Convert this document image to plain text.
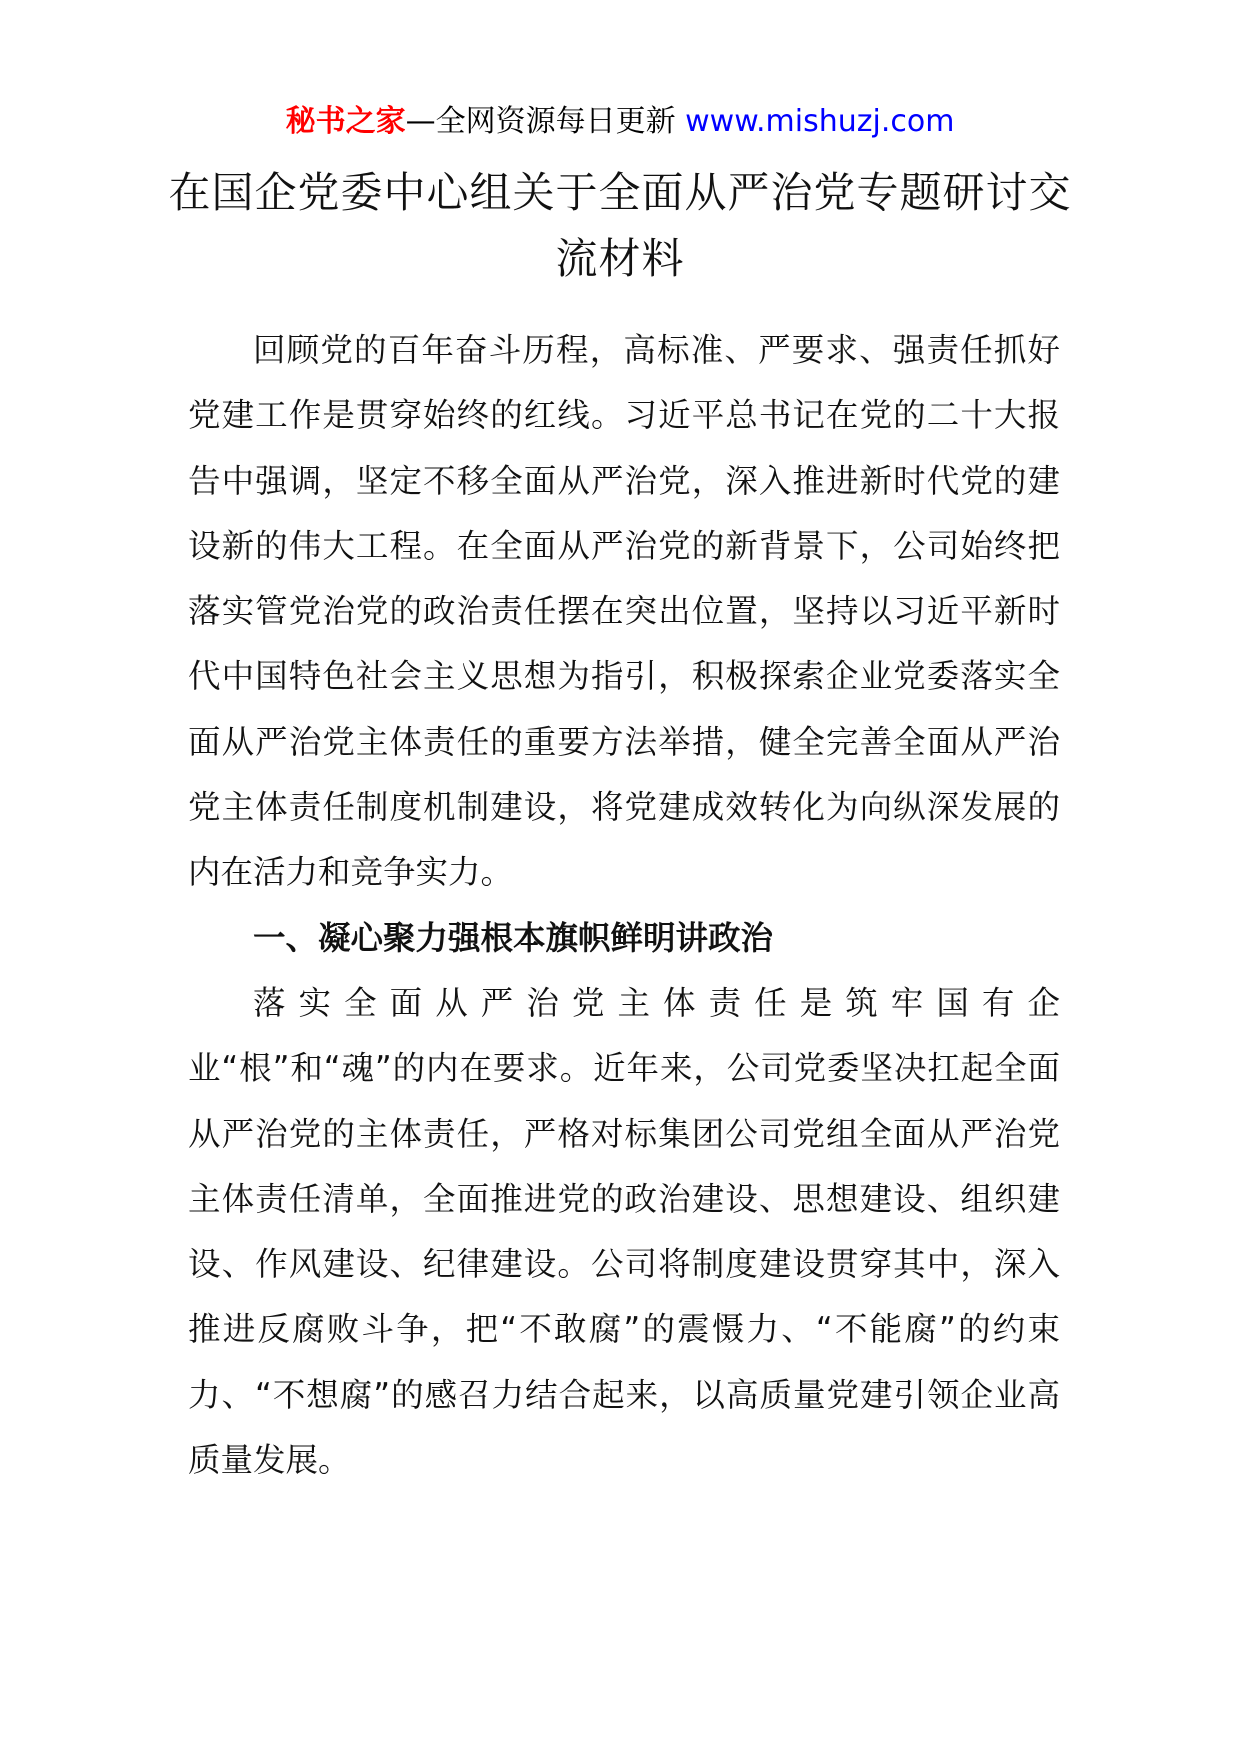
秘书之家—全网资源每日更新 www.mishuzj.com
在国企党委中心组关于全面从严治党专题研讨交流材料

回顾党的百年奋斗历程，高标准、严要求、强责任抓好党建工作是贯穿始终的红线。习近平总书记在党的二十大报告中强调，坚定不移全面从严治党，深入推进新时代党的建设新的伟大工程。在全面从严治党的新背景下，公司始终把落实管党治党的政治责任摆在突出位置，坚持以习近平新时代中国特色社会主义思想为指引，积极探索企业党委落实全面从严治党主体责任的重要方法举措，健全完善全面从严治党主体责任制度机制建设，将党建成效转化为向纵深发展的内在活力和竞争实力。

一、凝心聚力强根本旗帜鲜明讲政治

落实全面从严治党主体责任是筑牢国有企业“根”和“魂”的内在要求。近年来，公司党委坚决扛起全面从严治党的主体责任，严格对标集团公司党组全面从严治党主体责任清单，全面推进党的政治建设、思想建设、组织建设、作风建设、纪律建设。公司将制度建设贯穿其中，深入推进反腐败斗争，把“不敢腐”的震慑力、“不能腐”的约束力、“不想腐”的感召力结合起来，以高质量党建引领企业高质量发展。
